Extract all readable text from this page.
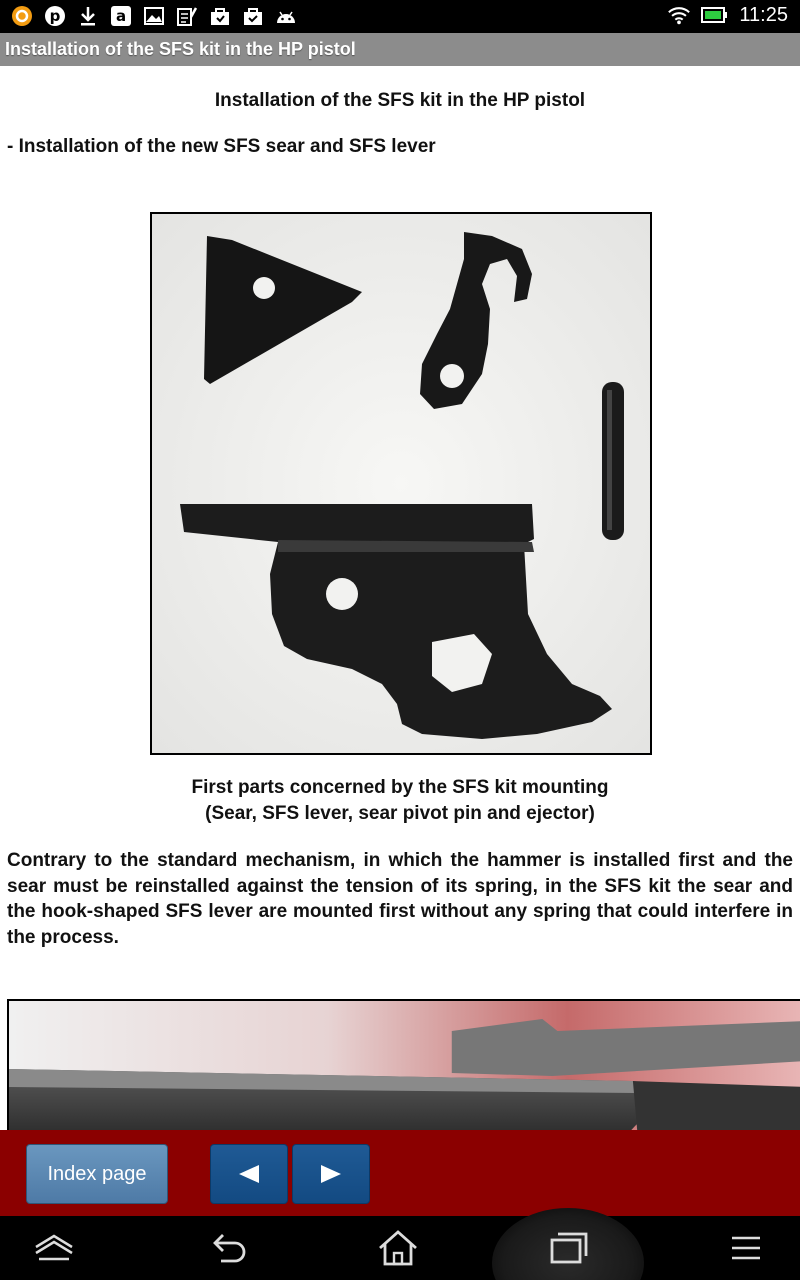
p	a	11:25
Installation of the SFS kit in the HP pistol
Installation of the SFS kit in the HP pistol
- Installation of the new SFS sear and SFS lever
First parts concerned by the SFS kit mounting
(Sear, SFS lever, sear pivot pin and ejector)
Contrary to the standard mechanism, in which the hammer is installed first and the sear must be reinstalled against the tension of its spring, in the SFS kit the sear and the hook-shaped SFS lever are mounted first without any spring that could interfere in the process.
Index page
